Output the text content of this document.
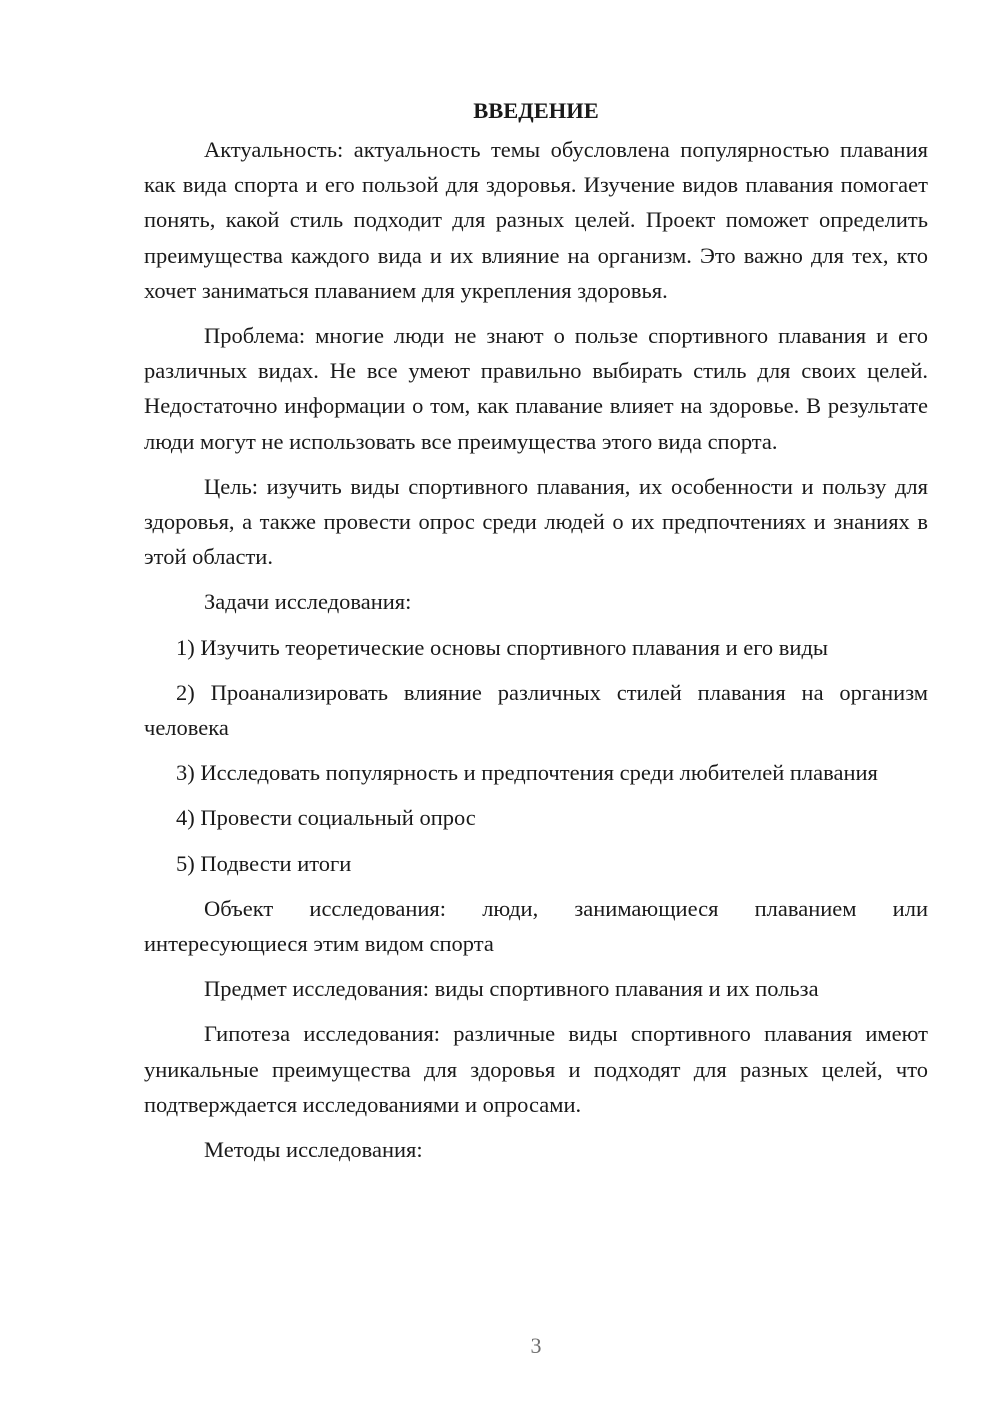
ВВЕДЕНИЕ

Актуальность: актуальность темы обусловлена популярностью плавания как вида спорта и его пользой для здоровья. Изучение видов плавания помогает понять, какой стиль подходит для разных целей. Проект поможет определить преимущества каждого вида и их влияние на организм. Это важно для тех, кто хочет заниматься плаванием для укрепления здоровья.

Проблема: многие люди не знают о пользе спортивного плавания и его различных видах. Не все умеют правильно выбирать стиль для своих целей. Недостаточно информации о том, как плавание влияет на здоровье. В результате люди могут не использовать все преимущества этого вида спорта.

Цель: изучить виды спортивного плавания, их особенности и пользу для здоровья, а также провести опрос среди людей о их предпочтениях и знаниях в этой области.

Задачи исследования:

1) Изучить теоретические основы спортивного плавания и его виды

2) Проанализировать влияние различных стилей плавания на организм человека

3) Исследовать популярность и предпочтения среди любителей плавания

4) Провести социальный опрос

5) Подвести итоги

Объект исследования: люди, занимающиеся плаванием или интересующиеся этим видом спорта

Предмет исследования: виды спортивного плавания и их польза

Гипотеза исследования: различные виды спортивного плавания имеют уникальные преимущества для здоровья и подходят для разных целей, что подтверждается исследованиями и опросами.

Методы исследования:

3
